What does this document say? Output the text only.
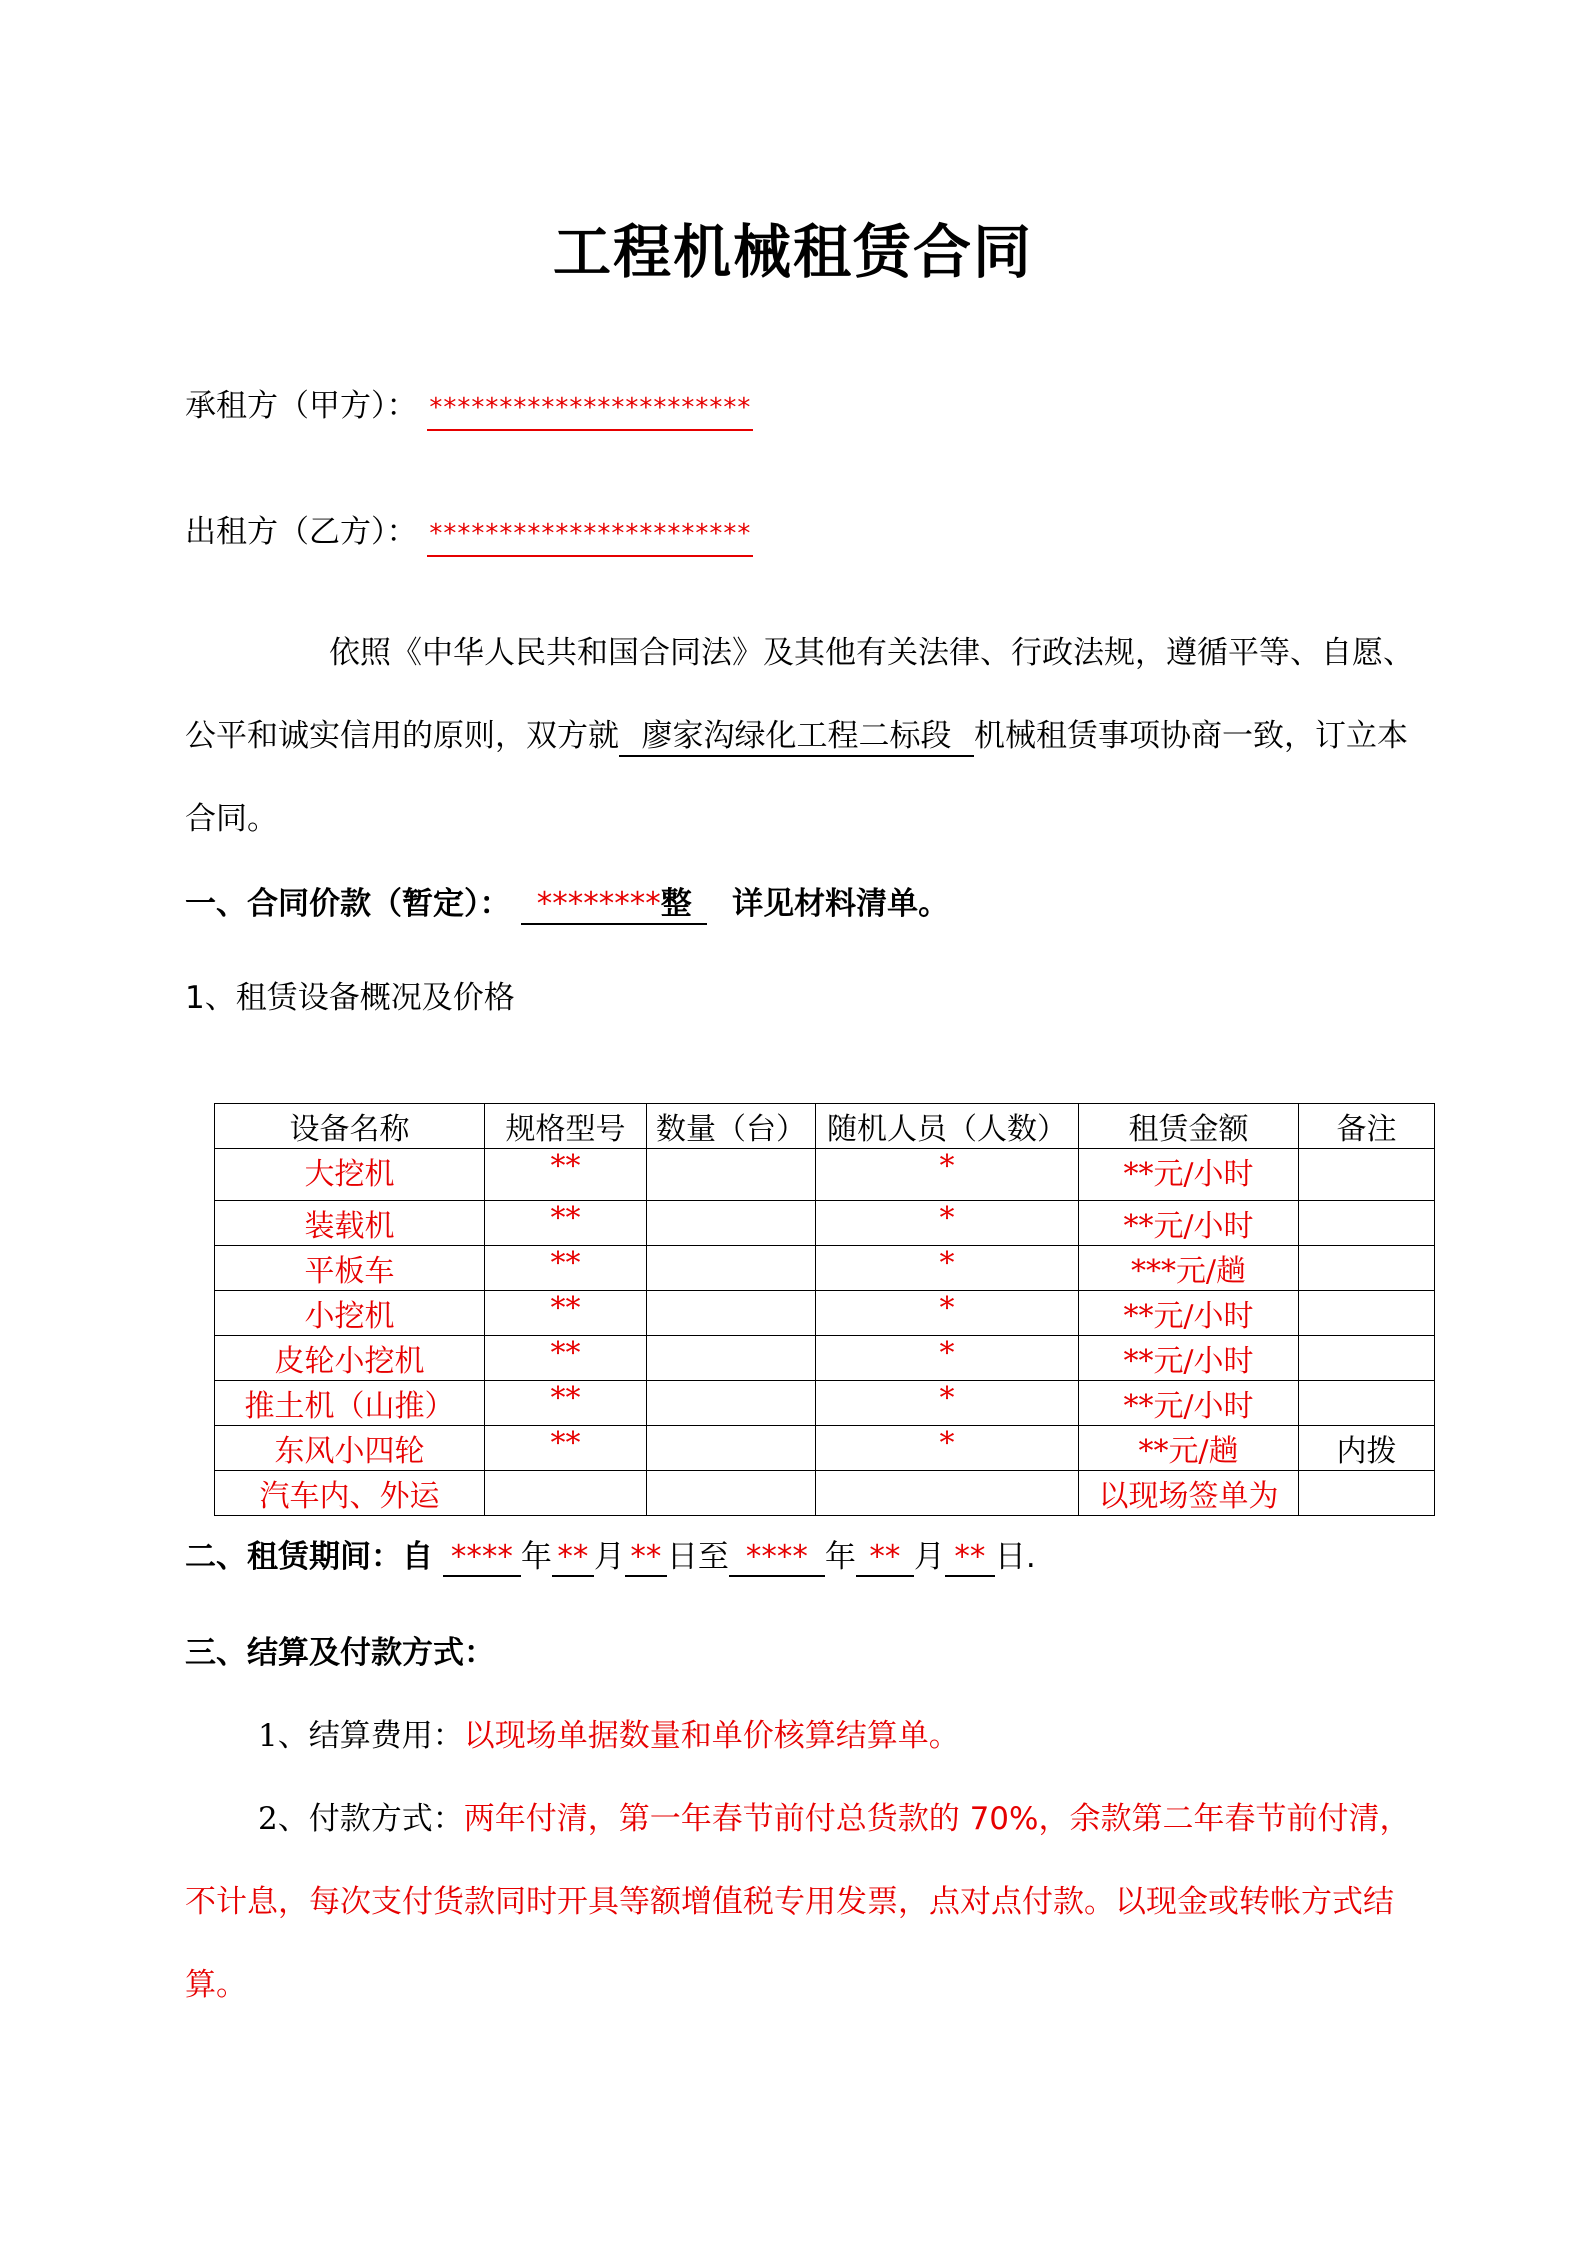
工程机械租赁合同
承租方（甲方）： ***********************
出租方（乙方）： ***********************
依照《中华人民共和国合同法》及其他有关法律、行政法规，遵循平等、自愿、
公平和诚实信用的原则，双方就 廖家沟绿化工程二标段 机械租赁事项协商一致，订立本
合同。
一、合同价款（暂定）： ********整 详见材料清单。
1、租赁设备概况及价格
设备名称	规格型号	数量（台）	随机人员（人数）	租赁金额	备注
大挖机	**		*	**元/小时	
装载机	**		*	**元/小时	
平板车	**		*	***元/趟	
小挖机	**		*	**元/小时	
皮轮小挖机	**		*	**元/小时	
推土机（山推）	**		*	**元/小时	
东风小四轮	**		*	**元/趟	内拨
汽车内、外运				以现场签单为	
二、租赁期间：自 **** 年 ** 月 ** 日至 **** 年 ** 月 ** 日.
三、结算及付款方式：
1、结算费用：以现场单据数量和单价核算结算单。
2、付款方式：两年付清，第一年春节前付总货款的 70%，余款第二年春节前付清，
不计息，每次支付货款同时开具等额增值税专用发票，点对点付款。以现金或转帐方式结
算。
